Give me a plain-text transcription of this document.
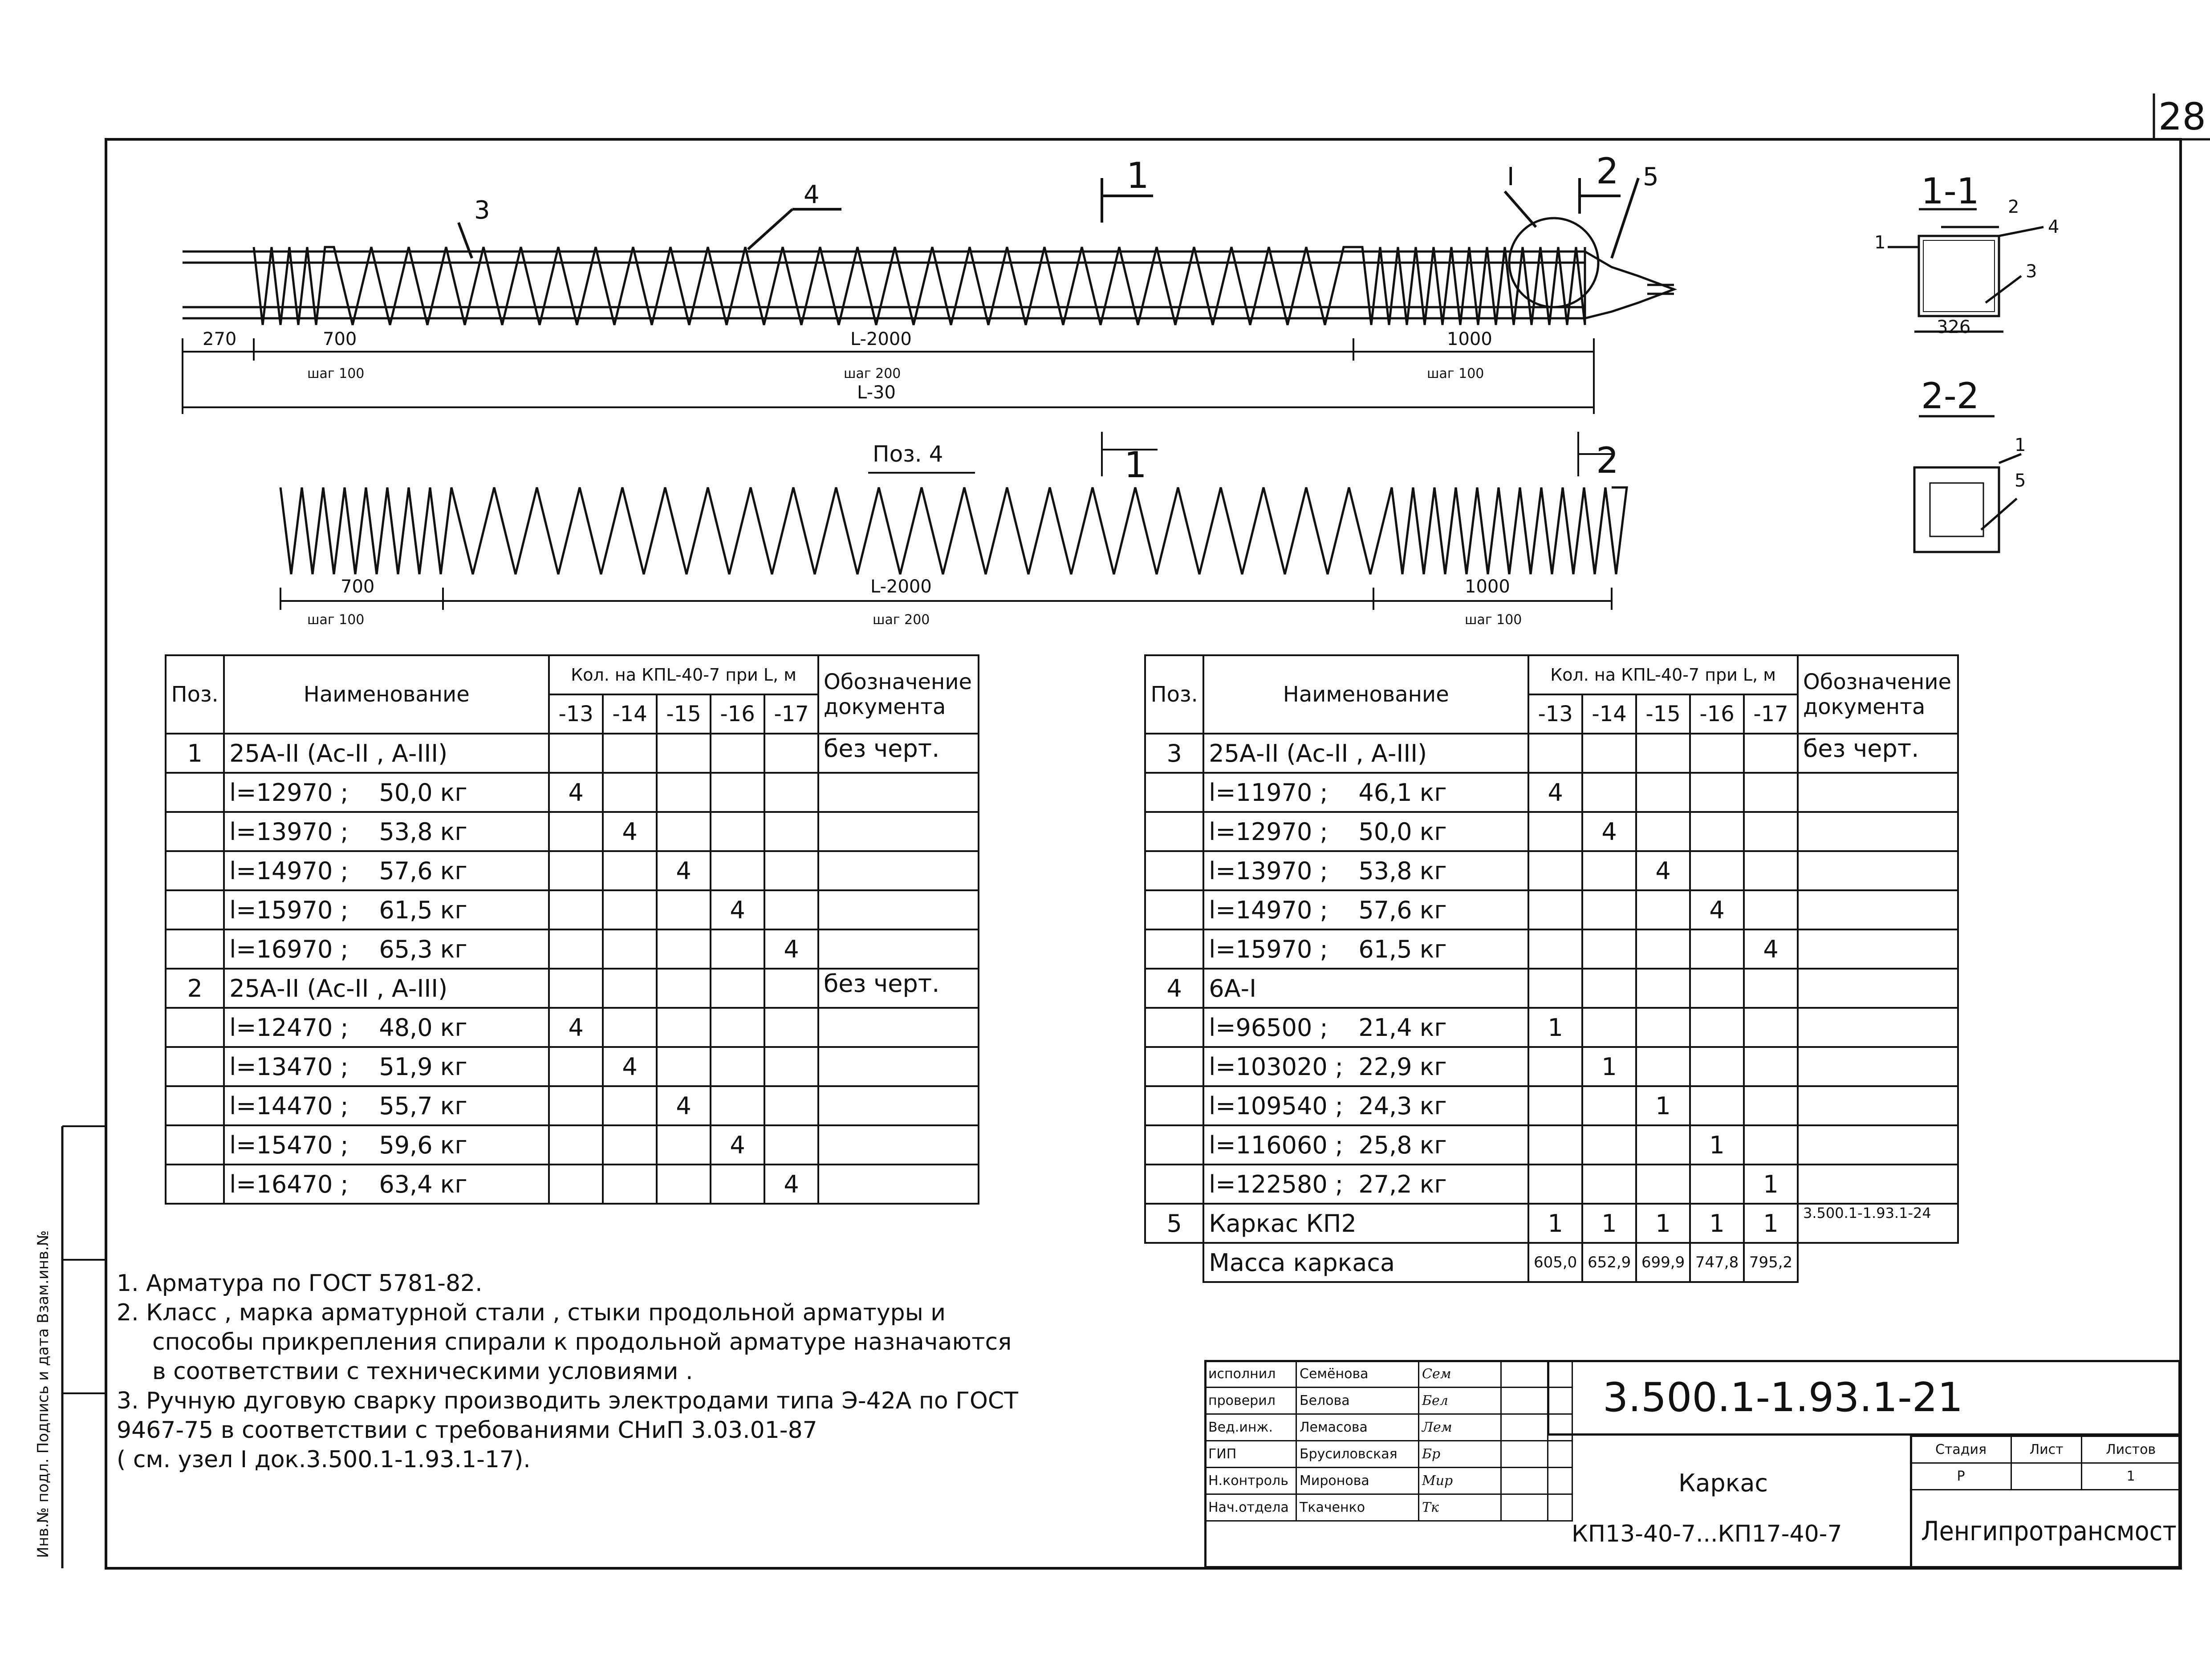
28
3
4	1	I 2 5
270	700	L-2000	1000
шаг 100	шаг 200
L-30
шаг 100
Поз. 4	1	2
700	L-2000	1000
шаг 100	шаг 200	шаг 100
1-1
1
2
4
3
326
2-2
1
5
Поз.	Наименование	Кол. на КПL-40-7 при L, м					Обозначение документа
		-13	-14	-15	-16	-17	
1	25А-II (Ас-II , А-III)						без черт.
	l=12970 ;    50,0 кг	4					
	l=13970 ;    53,8 кг		4				
	l=14970 ;    57,6 кг			4			
	l=15970 ;    61,5 кг				4		
	l=16970 ;    65,3 кг					4	
2	25А-II (Ас-II , А-III)						без черт.
	l=12470 ;    48,0 кг	4					
	l=13470 ;    51,9 кг		4				
	l=14470 ;    55,7 кг			4			
	l=15470 ;    59,6 кг				4		
	l=16470 ;    63,4 кг					4	
Поз.	Наименование	Кол. на КПL-40-7 при L, м					Обозначение документа
		-13	-14	-15	-16	-17	
3	25А-II (Ас-II , А-III)						без черт.
	l=11970 ;    46,1 кг	4					
	l=12970 ;    50,0 кг		4				
	l=13970 ;    53,8 кг			4			
	l=14970 ;    57,6 кг				4		
	l=15970 ;    61,5 кг					4	
4	6А-I						
	l=96500 ;    21,4 кг	1					
	l=103020 ;  22,9 кг		1				
	l=109540 ;  24,3 кг			1			
	l=116060 ;  25,8 кг				1		
	l=122580 ;  27,2 кг					1	
5	Каркас КП2	1	1	1	1	1	3.500.1-1.93.1-24
	Масса каркаса	605,0	652,9	699,9	747,8	795,2	
1. Арматура по ГОСТ 5781-82.
2. Класс , марка арматурной стали , стыки продольной арматуры и
способы прикрепления спирали к продольной арматуре назначаются
в соответствии с техническими условиями .
3. Ручную дуговую сварку производить электродами типа Э-42А по ГОСТ
9467-75 в соответствии с требованиями СНиП 3.03.01-87
( см. узел I док.3.500.1-1.93.1-17).
исполнил	Семёнова	Сем		
проверил	Белова	Бел		
Вед.инж.	Лемасова	Лем		
ГИП	Брусиловская	Бр		
Н.контроль	Миронова	Мир		
Нач.отдела	Ткаченко	Тк		
3.500.1-1.93.1-21
Каркас
КП13-40-7...КП17-40-7
Стадия	Лист	Листов
Р		1
Ленгипротрансмост
Инв.№ подл. Подпись и дата Взам.инв.№
